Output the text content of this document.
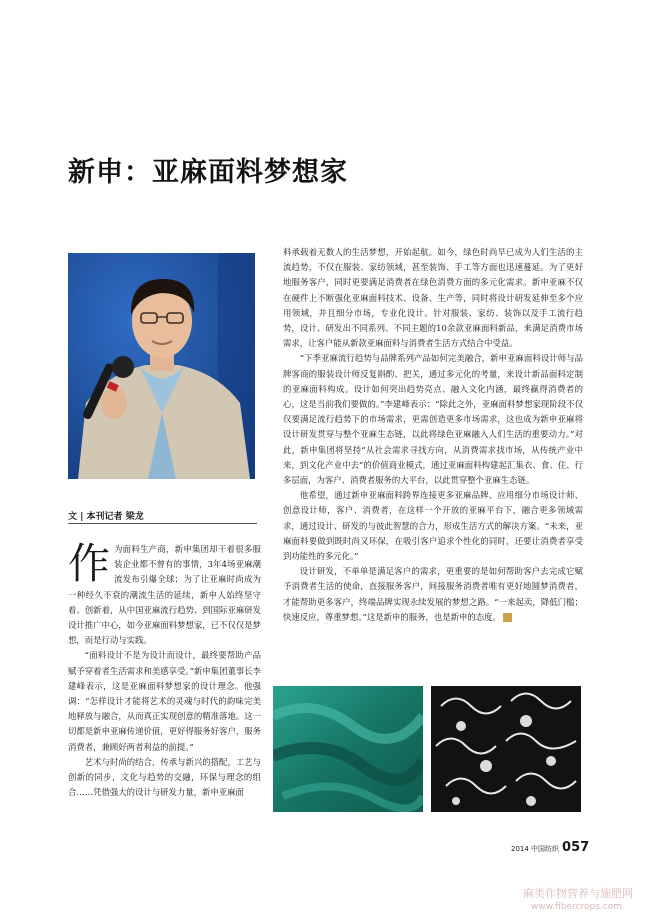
新申：亚麻面料梦想家
文 | 本刊记者 梁龙

作为面料生产商，新申集团却干着很多服装企业都不曾有的事情，3年4场亚麻潮流发布引爆全球；为了让亚麻时尚成为一种经久不衰的潮流生活的延续，新申人始终坚守着、创新着，从中国亚麻流行趋势、到国际亚麻研发设计推广中心，如今亚麻面料梦想家，已不仅仅是梦想，而是行动与实践。

“面料设计不是为设计而设计，最终要帮助产品赋予穿着者生活需求和美感享受。”新申集团董事长李建峰表示，这是亚麻面料梦想家的设计理念。他强调：“怎样设计才能将艺术的灵魂与时代的韵味完美地释放与融合，从而真正实现创意的精准落地。这一切都是新申亚麻传递价值，更好得服务好客户，服务消费者，兼顾好两者利益的前提。”

艺术与时尚的结合，传承与新兴的搭配，工艺与创新的同步，文化与趋势的交融，环保与理念的组合……凭借强大的设计与研发力量，新申亚麻面

料承载着无数人的生活梦想，开始起航。如今，绿色时尚早已成为人们生活的主流趋势，不仅在服装、家纺领域，甚至装饰、手工等方面也迅速蔓延。为了更好地服务客户，同时更要满足消费者在绿色消费方面的多元化需求。新申亚麻不仅在硬件上不断强化亚麻面料技术、设备、生产等，同时将设计研发延伸至多个应用领域，并且细分市场，专业化设计。针对服装、家纺、装饰以及手工流行趋势，设计、研发出不同系列、不同主题的10余款亚麻面料新品，来满足消费市场需求，让客户能从新款亚麻面料与消费者生活方式结合中受益。

“下季亚麻流行趋势与品牌系列产品如何完美融合，新申亚麻面料设计师与品牌客商的服装设计师反复斟酌、把关，通过多元化的考量，来设计新品面料定制的亚麻面料构成。设计如何突出趋势亮点、融入文化内涵，最终赢得消费者的心，这是当前我们要做的。”李建峰表示：“除此之外，亚麻面料梦想家现阶段不仅仅要满足流行趋势下的市场需求，更需创造更多市场需求，这也成为新申亚麻将设计研发贯穿与整个亚麻生态链，以此将绿色亚麻融入人们生活的重要动力。”对此，新申集团将坚持“从社会需求寻找方向，从消费需求找市场，从传统产业中来，到文化产业中去”的价值商业模式，通过亚麻面料构建起汇集衣、食、住、行多层面，为客户、消费者服务的大平台，以此贯穿整个亚麻生态链。

他希望，通过新申亚麻面料跨界连接更多亚麻品牌、应用细分市场设计师、创意设计师，客户、消费者，在这样一个开放的亚麻平台下，融合更多领域需求，通过设计、研发的与彼此智慧的合力，形成生活方式的解决方案。“未来，亚麻面料要做到既时尚又环保，在吸引客户追求个性化的同时，还要让消费者享受到功能性的多元化。”

设计研发，不单单是满足客户的需求，更重要的是如何帮助客户去完成它赋予消费者生活的使命，直接服务客户，间接服务消费者唯有更好地圆梦消费者，才能帮助更多客户，终端品牌实现永续发展的梦想之路。“一来起卖，降低门槛；快速反应，尊重梦想。”这是新申的服务，也是新申的态度。

2014 中国纺织 057
麻类作物营养与施肥网
www.fibercrops.com
